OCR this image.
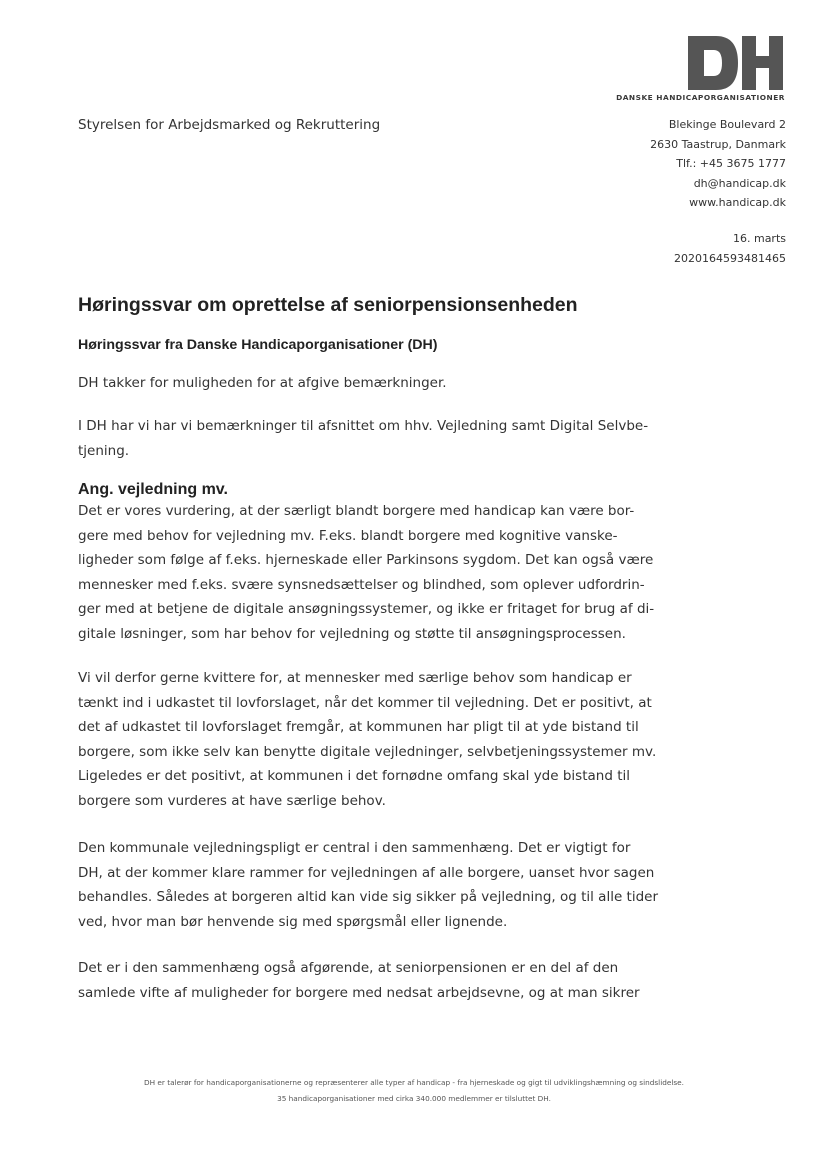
DANSKE HANDICAPORGANISATIONER
Styrelsen for Arbejdsmarked og Rekruttering	Blekinge Boulevard 2
2630 Taastrup, Danmark
Tlf.: +45 3675 1777
dh@handicap.dk
www.handicap.dk
16. marts
2020164593481465
Høringssvar om oprettelse af seniorpensionsenheden
Høringssvar fra Danske Handicaporganisationer (DH)
DH takker for muligheden for at afgive bemærkninger.
I DH har vi har vi bemærkninger til afsnittet om hhv. Vejledning samt Digital Selvbe-
tjening.
Ang. vejledning mv.
Det er vores vurdering, at der særligt blandt borgere med handicap kan være bor-
gere med behov for vejledning mv. F.eks. blandt borgere med kognitive vanske-
ligheder som følge af f.eks. hjerneskade eller Parkinsons sygdom. Det kan også være
mennesker med f.eks. svære synsnedsættelser og blindhed, som oplever udfordrin-
ger med at betjene de digitale ansøgningssystemer, og ikke er fritaget for brug af di-
gitale løsninger, som har behov for vejledning og støtte til ansøgningsprocessen.
Vi vil derfor gerne kvittere for, at mennesker med særlige behov som handicap er
tænkt ind i udkastet til lovforslaget, når det kommer til vejledning. Det er positivt, at
det af udkastet til lovforslaget fremgår, at kommunen har pligt til at yde bistand til
borgere, som ikke selv kan benytte digitale vejledninger, selvbetjeningssystemer mv.
Ligeledes er det positivt, at kommunen i det fornødne omfang skal yde bistand til
borgere som vurderes at have særlige behov.
Den kommunale vejledningspligt er central i den sammenhæng. Det er vigtigt for
DH, at der kommer klare rammer for vejledningen af alle borgere, uanset hvor sagen
behandles. Således at borgeren altid kan vide sig sikker på vejledning, og til alle tider
ved, hvor man bør henvende sig med spørgsmål eller lignende.
Det er i den sammenhæng også afgørende, at seniorpensionen er en del af den
samlede vifte af muligheder for borgere med nedsat arbejdsevne, og at man sikrer
DH er talerør for handicaporganisationerne og repræsenterer alle typer af handicap - fra hjerneskade og gigt til udviklingshæmning og sindslidelse.
35 handicaporganisationer med cirka 340.000 medlemmer er tilsluttet DH.
